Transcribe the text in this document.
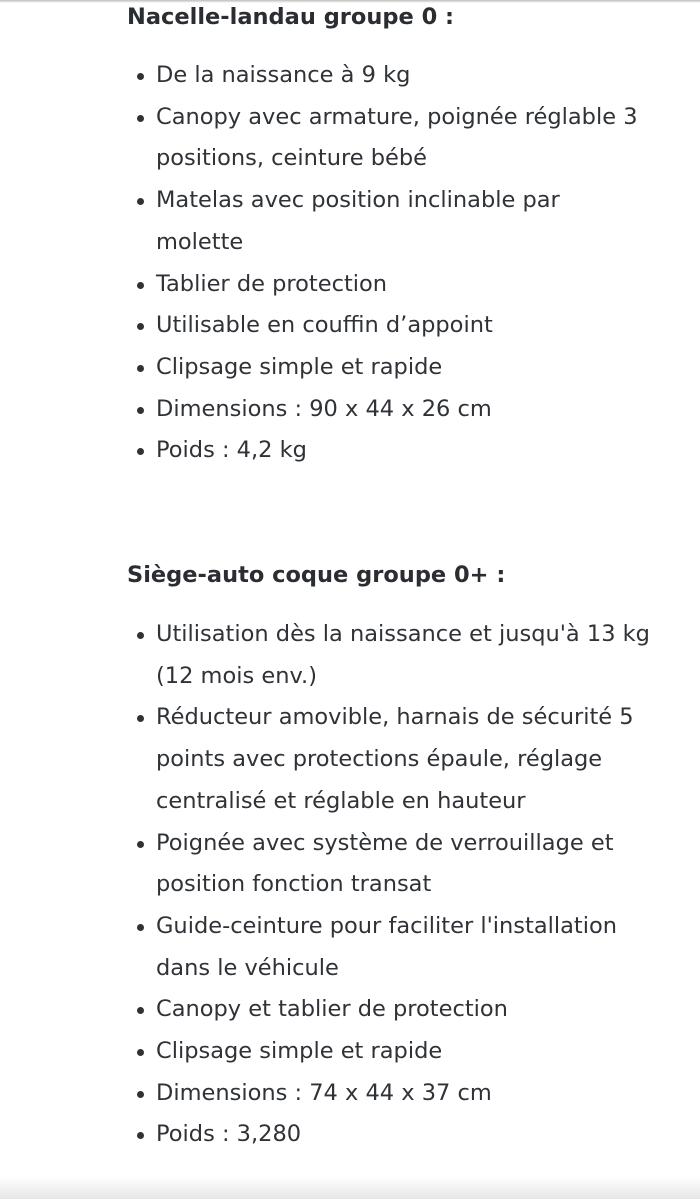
Nacelle-landau groupe 0 :
De la naissance à 9 kg
Canopy avec armature, poignée réglable 3 positions, ceinture bébé
Matelas avec position inclinable par molette
Tablier de protection
Utilisable en couffin d’appoint
Clipsage simple et rapide
Dimensions : 90 x 44 x 26 cm
Poids : 4,2 kg
Siège-auto coque groupe 0+ :
Utilisation dès la naissance et jusqu'à 13 kg (12 mois env.)
Réducteur amovible, harnais de sécurité 5 points avec protections épaule, réglage centralisé et réglable en hauteur
Poignée avec système de verrouillage et position fonction transat
Guide-ceinture pour faciliter l'installation dans le véhicule
Canopy et tablier de protection
Clipsage simple et rapide
Dimensions : 74 x 44 x 37 cm
Poids : 3,280
